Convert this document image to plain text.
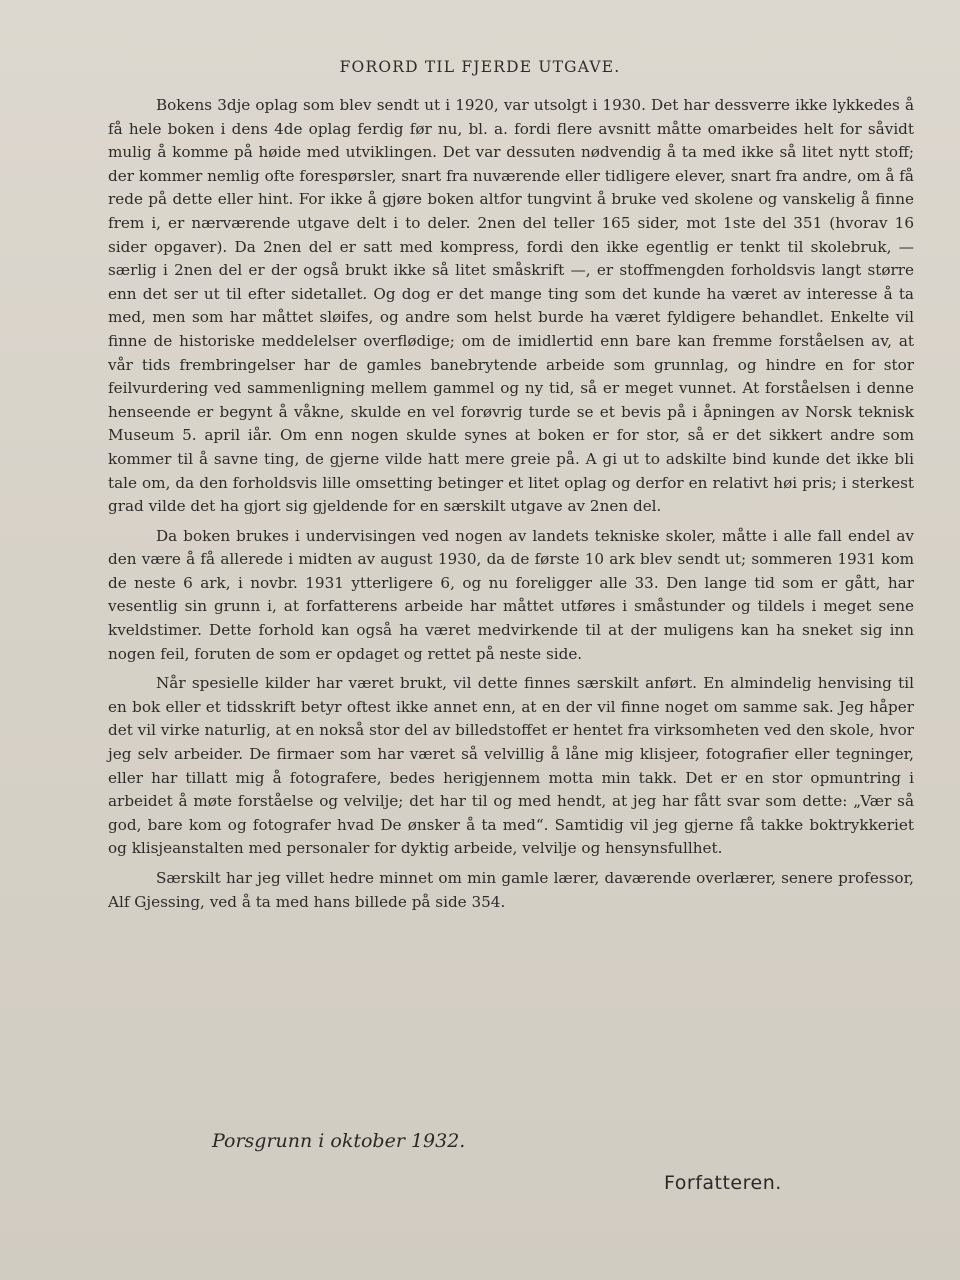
FORORD TIL FJERDE UTGAVE.

Bokens 3dje oplag som blev sendt ut i 1920, var utsolgt i 1930. Det har dessverre ikke lykkedes å få hele boken i dens 4de oplag ferdig før nu, bl. a. fordi flere avsnitt måtte omarbeides helt for såvidt mulig å komme på høide med utviklingen. Det var dessuten nødvendig å ta med ikke så litet nytt stoff; der kommer nemlig ofte forespørsler, snart fra nuværende eller tidligere elever, snart fra andre, om å få rede på dette eller hint. For ikke å gjøre boken altfor tungvint å bruke ved skolene og vanskelig å finne frem i, er nærværende utgave delt i to deler. 2nen del teller 165 sider, mot 1ste del 351 (hvorav 16 sider opgaver). Da 2nen del er satt med kompress, fordi den ikke egentlig er tenkt til skolebruk, — særlig i 2nen del er der også brukt ikke så litet småskrift —, er stoffmengden forholdsvis langt større enn det ser ut til efter sidetallet. Og dog er det mange ting som det kunde ha været av interesse å ta med, men som har måttet sløifes, og andre som helst burde ha været fyldigere behandlet. Enkelte vil finne de historiske meddelelser overflødige; om de imidlertid enn bare kan fremme forståelsen av, at vår tids frembringelser har de gamles banebrytende arbeide som grunnlag, og hindre en for stor feilvurdering ved sammenligning mellem gammel og ny tid, så er meget vunnet. At forståelsen i denne henseende er begynt å våkne, skulde en vel forøvrig turde se et bevis på i åpningen av Norsk teknisk Museum 5. april iår. Om enn nogen skulde synes at boken er for stor, så er det sikkert andre som kommer til å savne ting, de gjerne vilde hatt mere greie på. A gi ut to adskilte bind kunde det ikke bli tale om, da den forholdsvis lille omsetting betinger et litet oplag og derfor en relativt høi pris; i sterkest grad vilde det ha gjort sig gjeldende for en særskilt utgave av 2nen del.

Da boken brukes i undervisingen ved nogen av landets tekniske skoler, måtte i alle fall endel av den være å få allerede i midten av august 1930, da de første 10 ark blev sendt ut; sommeren 1931 kom de neste 6 ark, i novbr. 1931 ytterligere 6, og nu foreligger alle 33. Den lange tid som er gått, har vesentlig sin grunn i, at forfatterens arbeide har måttet utføres i småstunder og tildels i meget sene kveldstimer. Dette forhold kan også ha været medvirkende til at der muligens kan ha sneket sig inn nogen feil, foruten de som er opdaget og rettet på neste side.

Når spesielle kilder har været brukt, vil dette finnes særskilt anført. En almindelig henvising til en bok eller et tidsskrift betyr oftest ikke annet enn, at en der vil finne noget om samme sak. Jeg håper det vil virke naturlig, at en nokså stor del av billedstoffet er hentet fra virksomheten ved den skole, hvor jeg selv arbeider. De firmaer som har været så velvillig å låne mig klisjeer, fotografier eller tegninger, eller har tillatt mig å fotografere, bedes herigjennem motta min takk. Det er en stor opmuntring i arbeidet å møte forståelse og velvilje; det har til og med hendt, at jeg har fått svar som dette: „Vær så god, bare kom og fotografer hvad De ønsker å ta med“. Samtidig vil jeg gjerne få takke boktrykkeriet og klisjeanstalten med personaler for dyktig arbeide, velvilje og hensynsfullhet.

Særskilt har jeg villet hedre minnet om min gamle lærer, daværende overlærer, senere professor, Alf Gjessing, ved å ta med hans billede på side 354.

Porsgrunn i oktober 1932.
Forfatteren.
